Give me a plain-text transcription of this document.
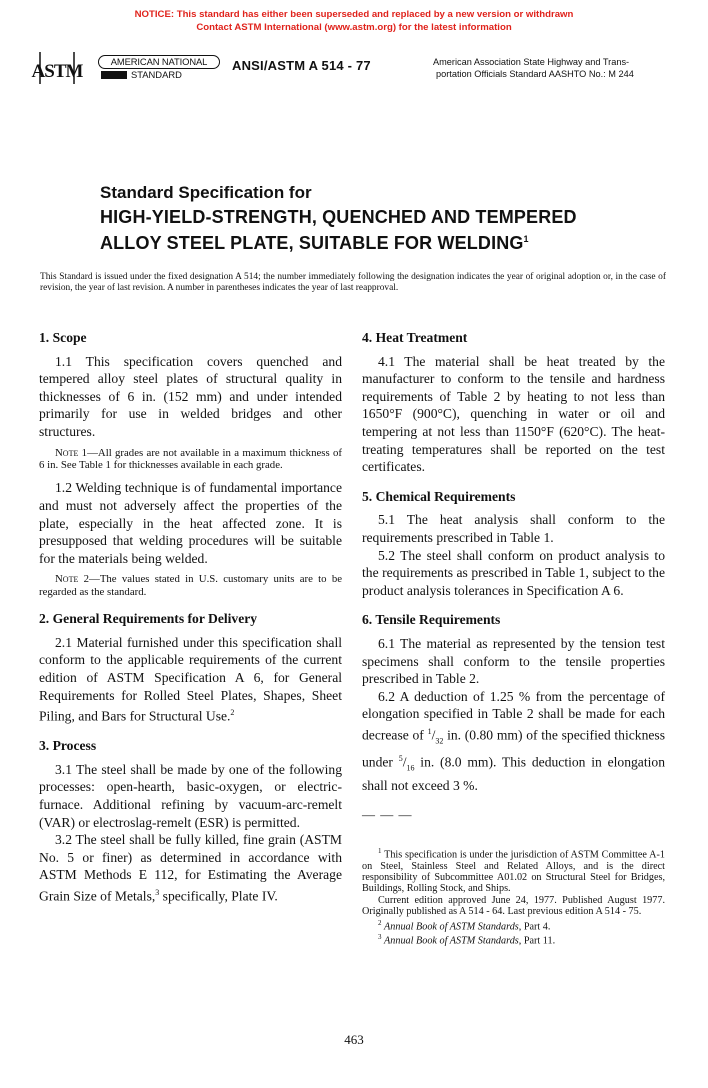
NOTICE: This standard has either been superseded and replaced by a new version or withdrawn
Contact ASTM International (www.astm.org) for the latest information
ASTM	AMERICAN NATIONAL
STANDARD
ANSI/ASTM A 514 - 77	American Association State Highway and Trans-
portation Officials Standard AASHTO No.: M 244
Standard Specification for
HIGH-YIELD-STRENGTH, QUENCHED AND TEMPERED
ALLOY STEEL PLATE, SUITABLE FOR WELDING$^1$
This Standard is issued under the fixed designation A 514; the number immediately following the designation indicates the year of original adoption or, in the case of revision, the year of last revision. A number in parentheses indicates the year of last reapproval.
1. Scope

1.1 This specification covers quenched and tempered alloy steel plates of structural quality in thicknesses of 6 in. (152 mm) and under intended primarily for use in welded bridges and other structures.

Note 1—All grades are not available in a maximum thickness of 6 in. See Table 1 for thicknesses available in each grade.

1.2 Welding technique is of fundamental importance and must not adversely affect the properties of the plate, especially in the heat affected zone. It is presupposed that welding procedures will be suitable for the materials being welded.

Note 2—The values stated in U.S. customary units are to be regarded as the standard.

2. General Requirements for Delivery

2.1 Material furnished under this specification shall conform to the applicable requirements of the current edition of ASTM Specification A 6, for General Requirements for Rolled Steel Plates, Shapes, Sheet Piling, and Bars for Structural Use.$^2$

3. Process

3.1 The steel shall be made by one of the following processes: open-hearth, basic-oxygen, or electric-furnace. Additional refining by vacuum-arc-remelt (VAR) or electroslag-remelt (ESR) is permitted.

3.2 The steel shall be fully killed, fine grain (ASTM No. 5 or finer) as determined in accordance with ASTM Methods E 112, for Estimating the Average Grain Size of Metals,$^3$ specifically, Plate IV.

4. Heat Treatment

4.1 The material shall be heat treated by the manufacturer to conform to the tensile and hardness requirements of Table 2 by heating to not less than 1650°F (900°C), quenching in water or oil and tempering at not less than 1150°F (620°C). The heat-treating temperatures shall be reported on the test certificates.

5. Chemical Requirements

5.1 The heat analysis shall conform to the requirements prescribed in Table 1.

5.2 The steel shall conform on product analysis to the requirements as prescribed in Table 1, subject to the product analysis tolerances in Specification A 6.

6. Tensile Requirements

6.1 The material as represented by the tension test specimens shall conform to the tensile properties prescribed in Table 2.

6.2 A deduction of 1.25 % from the percentage of elongation specified in Table 2 shall be made for each decrease of $^1/_{32}$ in. (0.80 mm) of the specified thickness under $^5/_{16}$ in. (8.0 mm). This deduction in elongation shall not exceed 3 %.

— — —

$^1$ This specification is under the jurisdiction of ASTM Committee A-1 on Steel, Stainless Steel and Related Alloys, and is the direct responsibility of Subcommittee A01.02 on Structural Steel for Bridges, Buildings, Rolling Stock, and Ships.

Current edition approved June 24, 1977. Published August 1977. Originally published as A 514 - 64. Last previous edition A 514 - 75.

$^2$ Annual Book of ASTM Standards, Part 4.

$^3$ Annual Book of ASTM Standards, Part 11.

463
